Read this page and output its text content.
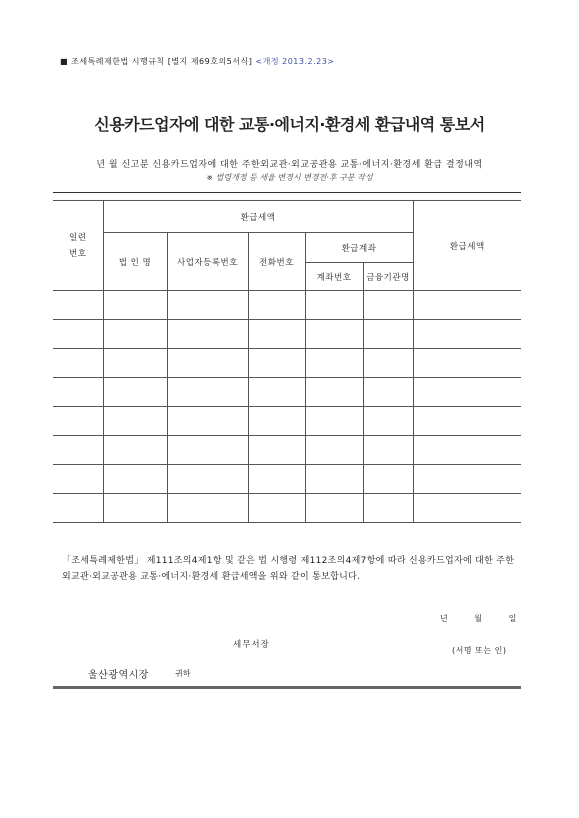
■ 조세특례제한법 시행규칙 [별지 제69호의5서식] <개정 2013.2.23>
신용카드업자에 대한 교통·에너지·환경세 환급내역 통보서
년 월 신고분 신용카드업자에 대한 주한외교관·외교공관용 교통·에너지·환경세 환급 결정내역
※ 법령개정 등 세율 변경시 변경전·후 구분 작성
일련
번호	환급세액					환급세액
	법 인 명	사업자등록번호	전화번호	환급계좌		
				계좌번호	금융기관명	

「조세특례제한법」 제111조의4제1항 및 같은 법 시행령 제112조의4제7항에 따라 신용카드업자에 대한 주한외교관·외교공관용 교통·에너지·환경세 환급세액을 위와 같이 통보합니다.
년	월	일
세무서장
(서명 또는 인)
울산광역시장	귀하
